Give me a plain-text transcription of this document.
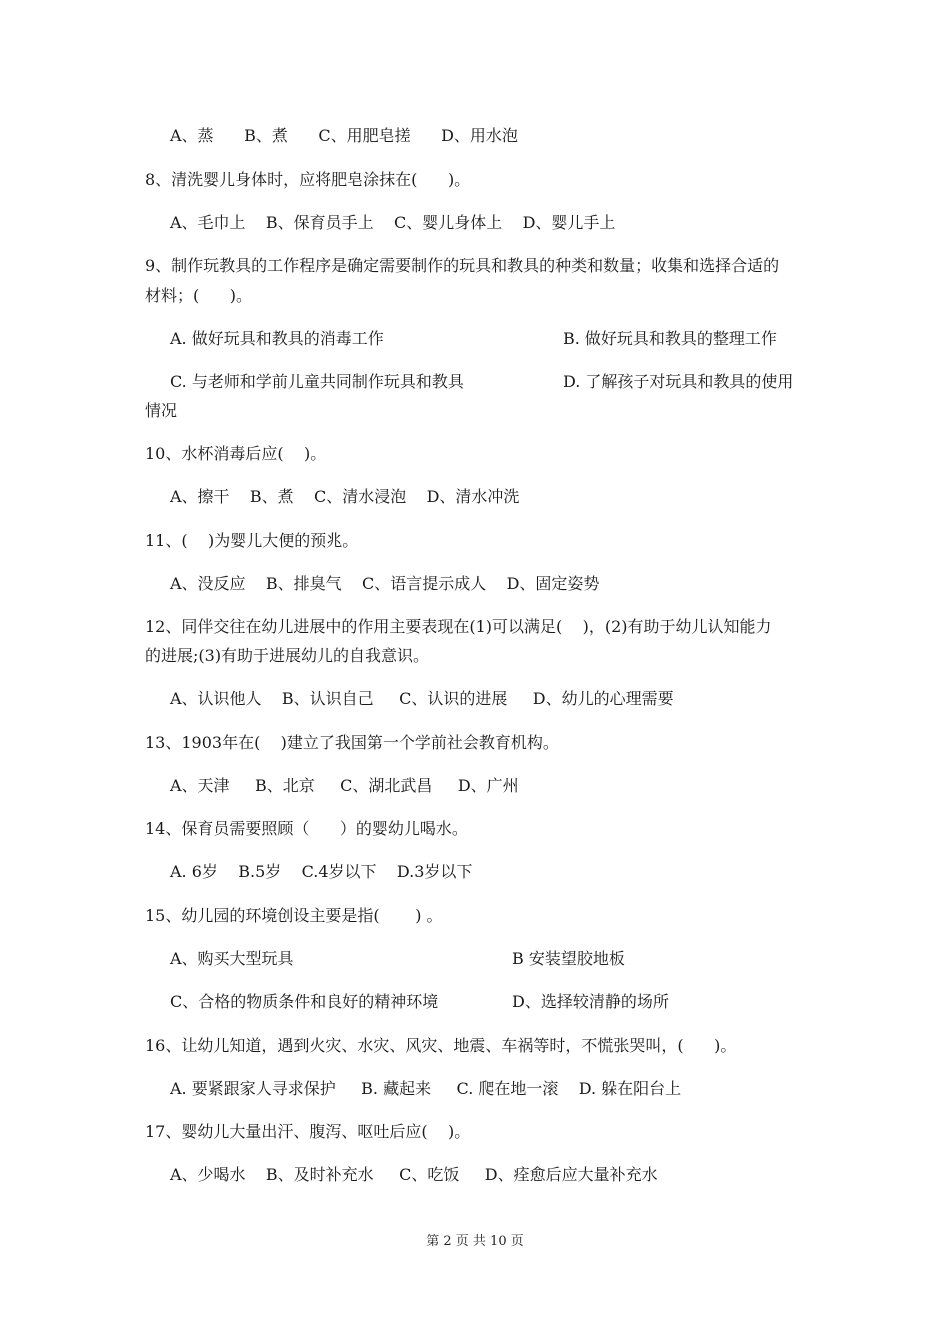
A、蒸      B、煮      C、用肥皂搓      D、用水泡
8、清洗婴儿身体时，应将肥皂涂抹在(      )。
A、毛巾上    B、保育员手上    C、婴儿身体上    D、婴儿手上
9、制作玩教具的工作程序是确定需要制作的玩具和教具的种类和数量；收集和选择合适的
材料；(      )。
A. 做好玩具和教具的消毒工作	B. 做好玩具和教具的整理工作
C. 与老师和学前儿童共同制作玩具和教具	D. 了解孩子对玩具和教具的使用
情况
10、水杯消毒后应(    )。
A、擦干    B、煮    C、清水浸泡    D、清水冲洗
11、(    )为婴儿大便的预兆。
A、没反应    B、排臭气    C、语言提示成人    D、固定姿势
12、同伴交往在幼儿进展中的作用主要表现在(1)可以满足(    )，(2)有助于幼儿认知能力
的进展;(3)有助于进展幼儿的自我意识。
A、认识他人    B、认识自己     C、认识的进展     D、幼儿的心理需要
13、1903年在(    )建立了我国第一个学前社会教育机构。
A、天津     B、北京     C、湖北武昌     D、广州
14、保育员需要照顾（      ）的婴幼儿喝水。
A. 6岁    B.5岁    C.4岁以下    D.3岁以下
15、幼儿园的环境创设主要是指(       ) 。
A、购买大型玩具	B 安装望胶地板
C、合格的物质条件和良好的精神环境	D、选择较清静的场所
16、让幼儿知道，遇到火灾、水灾、风灾、地震、车祸等时，不慌张哭叫，(      )。
A. 要紧跟家人寻求保护     B. 藏起来     C. 爬在地一滚    D. 躲在阳台上
17、婴幼儿大量出汗、腹泻、呕吐后应(    )。
A、少喝水    B、及时补充水     C、吃饭     D、痊愈后应大量补充水
第 2 页 共 10 页
